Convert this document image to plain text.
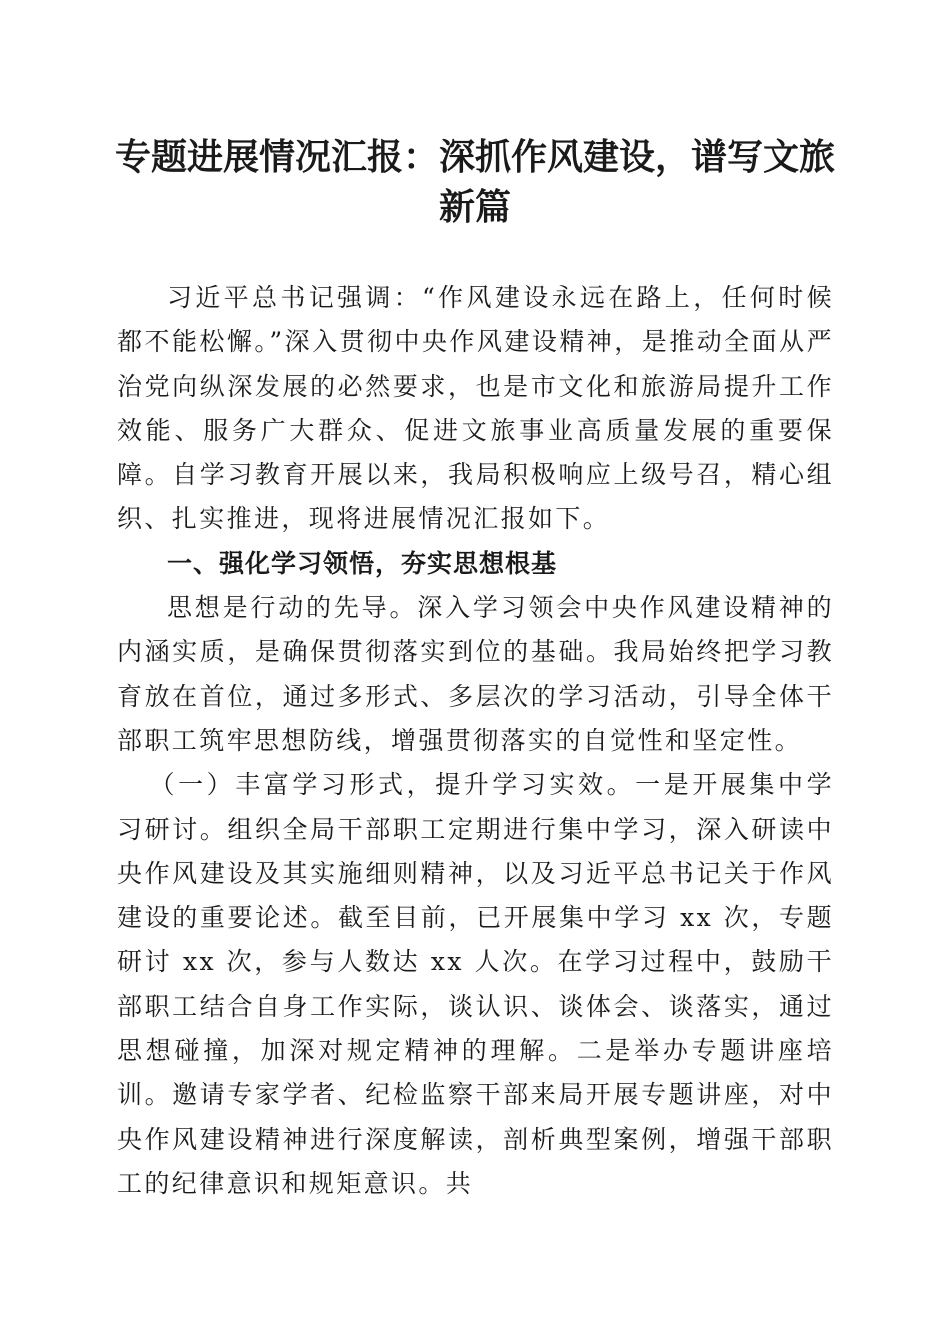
专题进展情况汇报：深抓作风建设，谱写文旅
新篇

习近平总书记强调：“作风建设永远在路上，任何时候都不能松懈。”深入贯彻中央作风建设精神，是推动全面从严治党向纵深发展的必然要求，也是市文化和旅游局提升工作效能、服务广大群众、促进文旅事业高质量发展的重要保障。自学习教育开展以来，我局积极响应上级号召，精心组织、扎实推进，现将进展情况汇报如下。

一、强化学习领悟，夯实思想根基

思想是行动的先导。深入学习领会中央作风建设精神的内涵实质，是确保贯彻落实到位的基础。我局始终把学习教育放在首位，通过多形式、多层次的学习活动，引导全体干部职工筑牢思想防线，增强贯彻落实的自觉性和坚定性。

（一）丰富学习形式，提升学习实效。一是开展集中学习研讨。组织全局干部职工定期进行集中学习，深入研读中央作风建设及其实施细则精神，以及习近平总书记关于作风建设的重要论述。截至目前，已开展集中学习 xx 次，专题研讨 xx 次，参与人数达 xx 人次。在学习过程中，鼓励干部职工结合自身工作实际，谈认识、谈体会、谈落实，通过思想碰撞，加深对规定精神的理解。二是举办专题讲座培训。邀请专家学者、纪检监察干部来局开展专题讲座，对中央作风建设精神进行深度解读，剖析典型案例，增强干部职工的纪律意识和规矩意识。共
